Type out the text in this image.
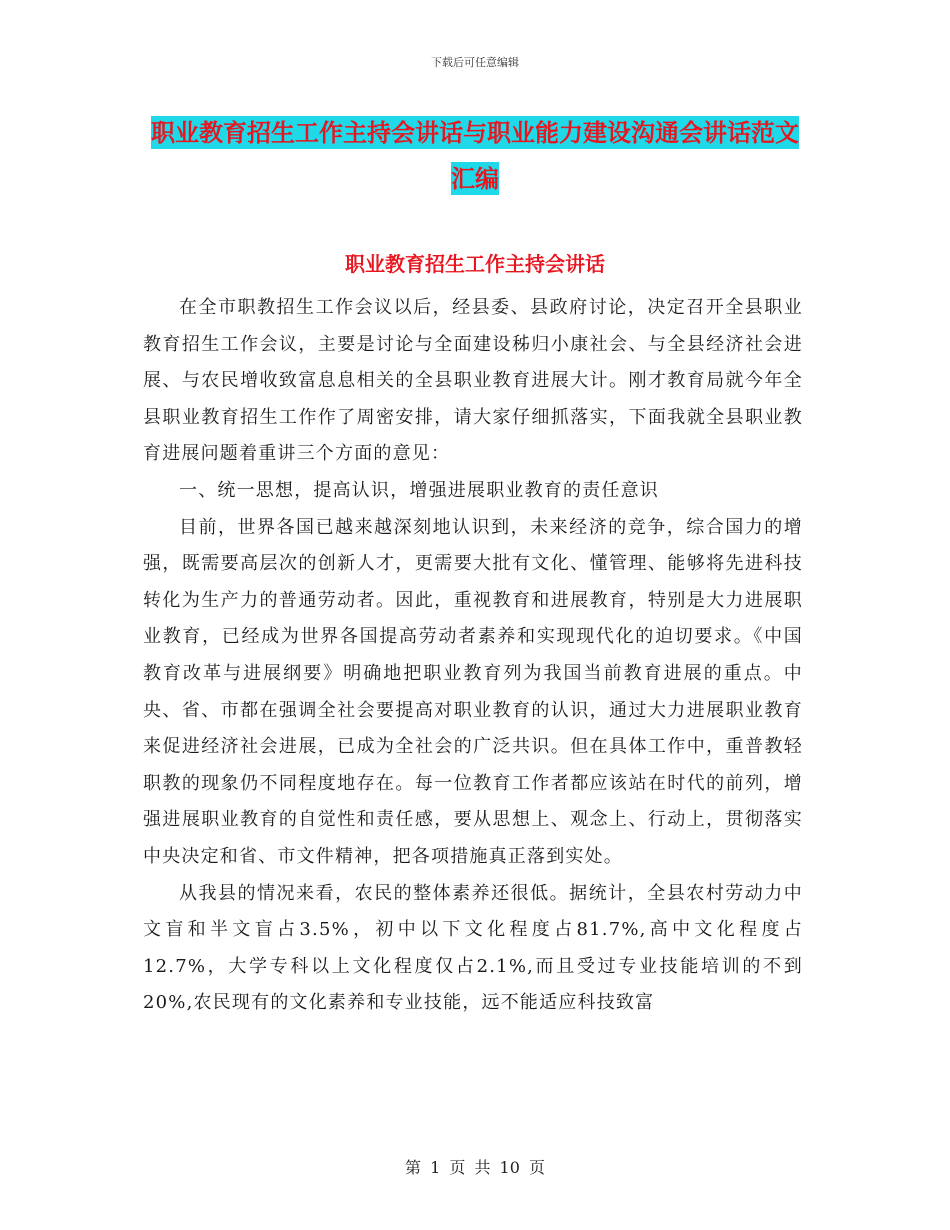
下载后可任意编辑
职业教育招生工作主持会讲话与职业能力建设沟通会讲话范文汇编
职业教育招生工作主持会讲话

在全市职教招生工作会议以后，经县委、县政府讨论，决定召开全县职业教育招生工作会议，主要是讨论与全面建设秭归小康社会、与全县经济社会进展、与农民增收致富息息相关的全县职业教育进展大计。刚才教育局就今年全县职业教育招生工作作了周密安排，请大家仔细抓落实，下面我就全县职业教育进展问题着重讲三个方面的意见：

一、统一思想，提高认识，增强进展职业教育的责任意识

目前，世界各国已越来越深刻地认识到，未来经济的竞争，综合国力的增强，既需要高层次的创新人才，更需要大批有文化、懂管理、能够将先进科技转化为生产力的普通劳动者。因此，重视教育和进展教育，特别是大力进展职业教育，已经成为世界各国提高劳动者素养和实现现代化的迫切要求。《中国教育改革与进展纲要》明确地把职业教育列为我国当前教育进展的重点。中央、省、市都在强调全社会要提高对职业教育的认识，通过大力进展职业教育来促进经济社会进展，已成为全社会的广泛共识。但在具体工作中，重普教轻职教的现象仍不同程度地存在。每一位教育工作者都应该站在时代的前列，增强进展职业教育的自觉性和责任感，要从思想上、观念上、行动上，贯彻落实中央决定和省、市文件精神，把各项措施真正落到实处。

从我县的情况来看，农民的整体素养还很低。据统计，全县农村劳动力中文盲和半文盲占3.5%，初中以下文化程度占81.7%,高中文化程度占12.7%，大学专科以上文化程度仅占2.1%,而且受过专业技能培训的不到20%,农民现有的文化素养和专业技能，远不能适应科技致富

第 1 页 共 10 页
